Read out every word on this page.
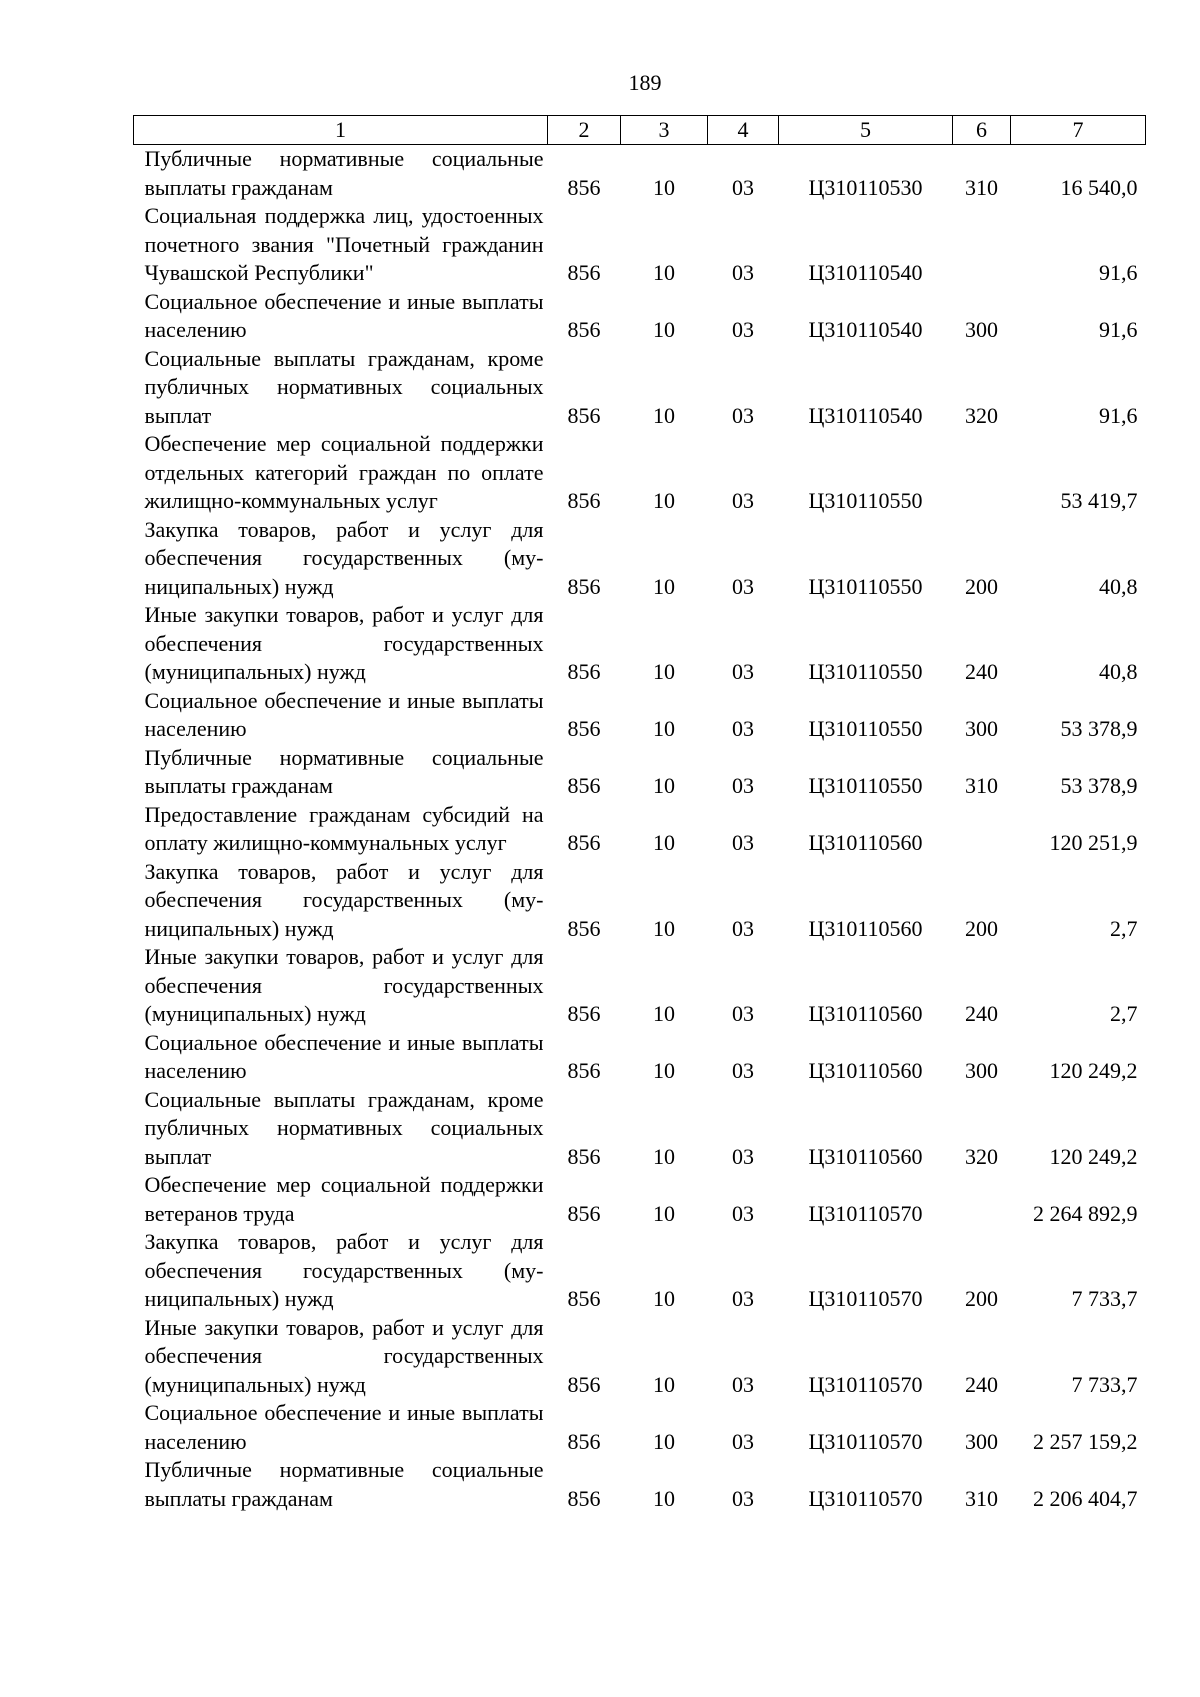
189
1	2	3	4	5	6	7
Публичные нормативные социальные выплаты гражданам	856	10	03	Ц310110530	310	16 540,0
Социальная поддержка лиц, удостоенных почетного звания "Почетный гражданин Чувашской Республики"	856	10	03	Ц310110540		91,6
Социальное обеспечение и иные выплаты населению	856	10	03	Ц310110540	300	91,6
Социальные выплаты гражданам, кроме публичных нормативных социальных выплат	856	10	03	Ц310110540	320	91,6
Обеспечение мер социальной поддержки отдельных категорий граждан по оплате жилищно-коммунальных услуг	856	10	03	Ц310110550		53 419,7
Закупка товаров, работ и услуг для обеспечения государственных (муниципальных) нужд	856	10	03	Ц310110550	200	40,8
Иные закупки товаров, работ и услуг для обеспечения государственных (муниципальных) нужд	856	10	03	Ц310110550	240	40,8
Социальное обеспечение и иные выплаты населению	856	10	03	Ц310110550	300	53 378,9
Публичные нормативные социальные выплаты гражданам	856	10	03	Ц310110550	310	53 378,9
Предоставление гражданам субсидий на оплату жилищно-коммунальных услуг	856	10	03	Ц310110560		120 251,9
Закупка товаров, работ и услуг для обеспечения государственных (муниципальных) нужд	856	10	03	Ц310110560	200	2,7
Иные закупки товаров, работ и услуг для обеспечения государственных (муниципальных) нужд	856	10	03	Ц310110560	240	2,7
Социальное обеспечение и иные выплаты населению	856	10	03	Ц310110560	300	120 249,2
Социальные выплаты гражданам, кроме публичных нормативных социальных выплат	856	10	03	Ц310110560	320	120 249,2
Обеспечение мер социальной поддержки ветеранов труда	856	10	03	Ц310110570		2 264 892,9
Закупка товаров, работ и услуг для обеспечения государственных (муниципальных) нужд	856	10	03	Ц310110570	200	7 733,7
Иные закупки товаров, работ и услуг для обеспечения государственных (муниципальных) нужд	856	10	03	Ц310110570	240	7 733,7
Социальное обеспечение и иные выплаты населению	856	10	03	Ц310110570	300	2 257 159,2
Публичные нормативные социальные выплаты гражданам	856	10	03	Ц310110570	310	2 206 404,7
